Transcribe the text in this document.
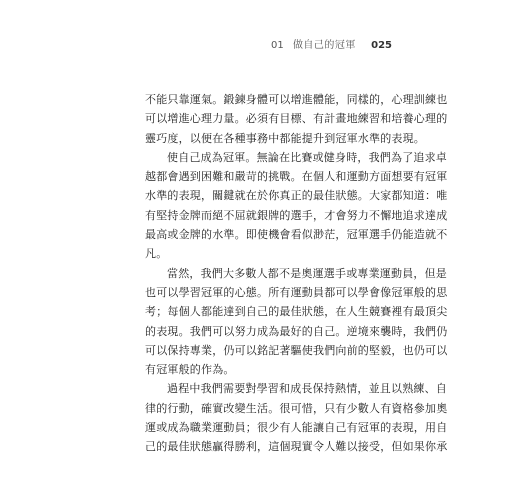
01 做自己的冠軍 025

不能只靠運氣。鍛鍊身體可以增進體能，同樣的，心理訓練也
可以增進心理力量。必須有目標、有計畫地練習和培養心理的
靈巧度，以便在各種事務中都能提升到冠軍水準的表現。

使自己成為冠軍。無論在比賽或健身時，我們為了追求卓
越都會遇到困難和嚴苛的挑戰。在個人和運動方面想要有冠軍
水準的表現，關鍵就在於你真正的最佳狀態。大家都知道：唯
有堅持金牌而絕不屈就銀牌的選手，才會努力不懈地追求達成
最高或金牌的水準。即使機會看似渺茫，冠軍選手仍能造就不
凡。

當然，我們大多數人都不是奧運選手或專業運動員，但是
也可以學習冠軍的心態。所有運動員都可以學會像冠軍般的思
考；每個人都能達到自己的最佳狀態，在人生競賽裡有最頂尖
的表現。我們可以努力成為最好的自己。逆境來襲時，我們仍
可以保持專業，仍可以銘記著驅使我們向前的堅毅，也仍可以
有冠軍般的作為。

過程中我們需要對學習和成長保持熱情，並且以熟練、自
律的行動，確實改變生活。很可惜，只有少數人有資格參加奧
運或成為職業運動員；很少有人能讓自己有冠軍的表現，用自
己的最佳狀態贏得勝利，這個現實令人難以接受，但如果你承
